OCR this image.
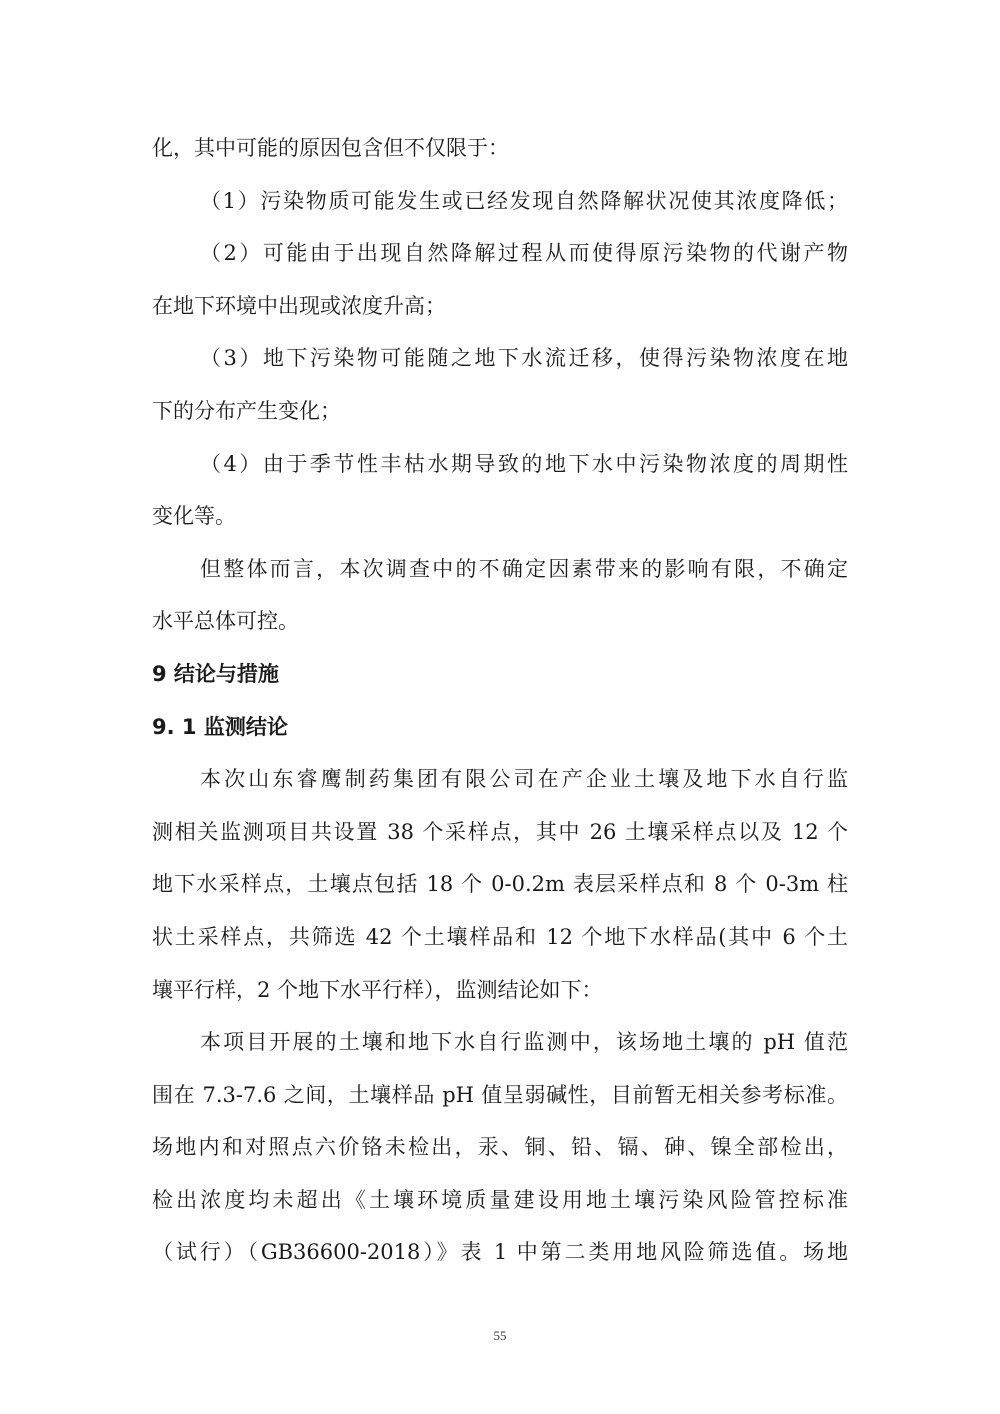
化，其中可能的原因包含但不仅限于：
（1）污染物质可能发生或已经发现自然降解状况使其浓度降低；
（2）可能由于出现自然降解过程从而使得原污染物的代谢产物
在地下环境中出现或浓度升高；
（3）地下污染物可能随之地下水流迁移，使得污染物浓度在地
下的分布产生变化；
（4）由于季节性丰枯水期导致的地下水中污染物浓度的周期性
变化等。
但整体而言，本次调查中的不确定因素带来的影响有限，不确定
水平总体可控。
9 结论与措施
9. 1 监测结论
本次山东睿鹰制药集团有限公司在产企业土壤及地下水自行监
测相关监测项目共设置 38 个采样点，其中 26 土壤采样点以及 12 个
地下水采样点，土壤点包括 18 个 0-0.2m 表层采样点和 8 个 0-3m 柱
状土采样点，共筛选 42 个土壤样品和 12 个地下水样品(其中 6 个土
壤平行样，2 个地下水平行样），监测结论如下：
本项目开展的土壤和地下水自行监测中，该场地土壤的 pH 值范
围在 7.3-7.6 之间，土壤样品 pH 值呈弱碱性，目前暂无相关参考标准。
场地内和对照点六价铬未检出，汞、铜、铅、镉、砷、镍全部检出，
检出浓度均未超出《土壤环境质量建设用地土壤污染风险管控标准
（试行）（GB36600-2018）》表 1 中第二类用地风险筛选值。场地
55
